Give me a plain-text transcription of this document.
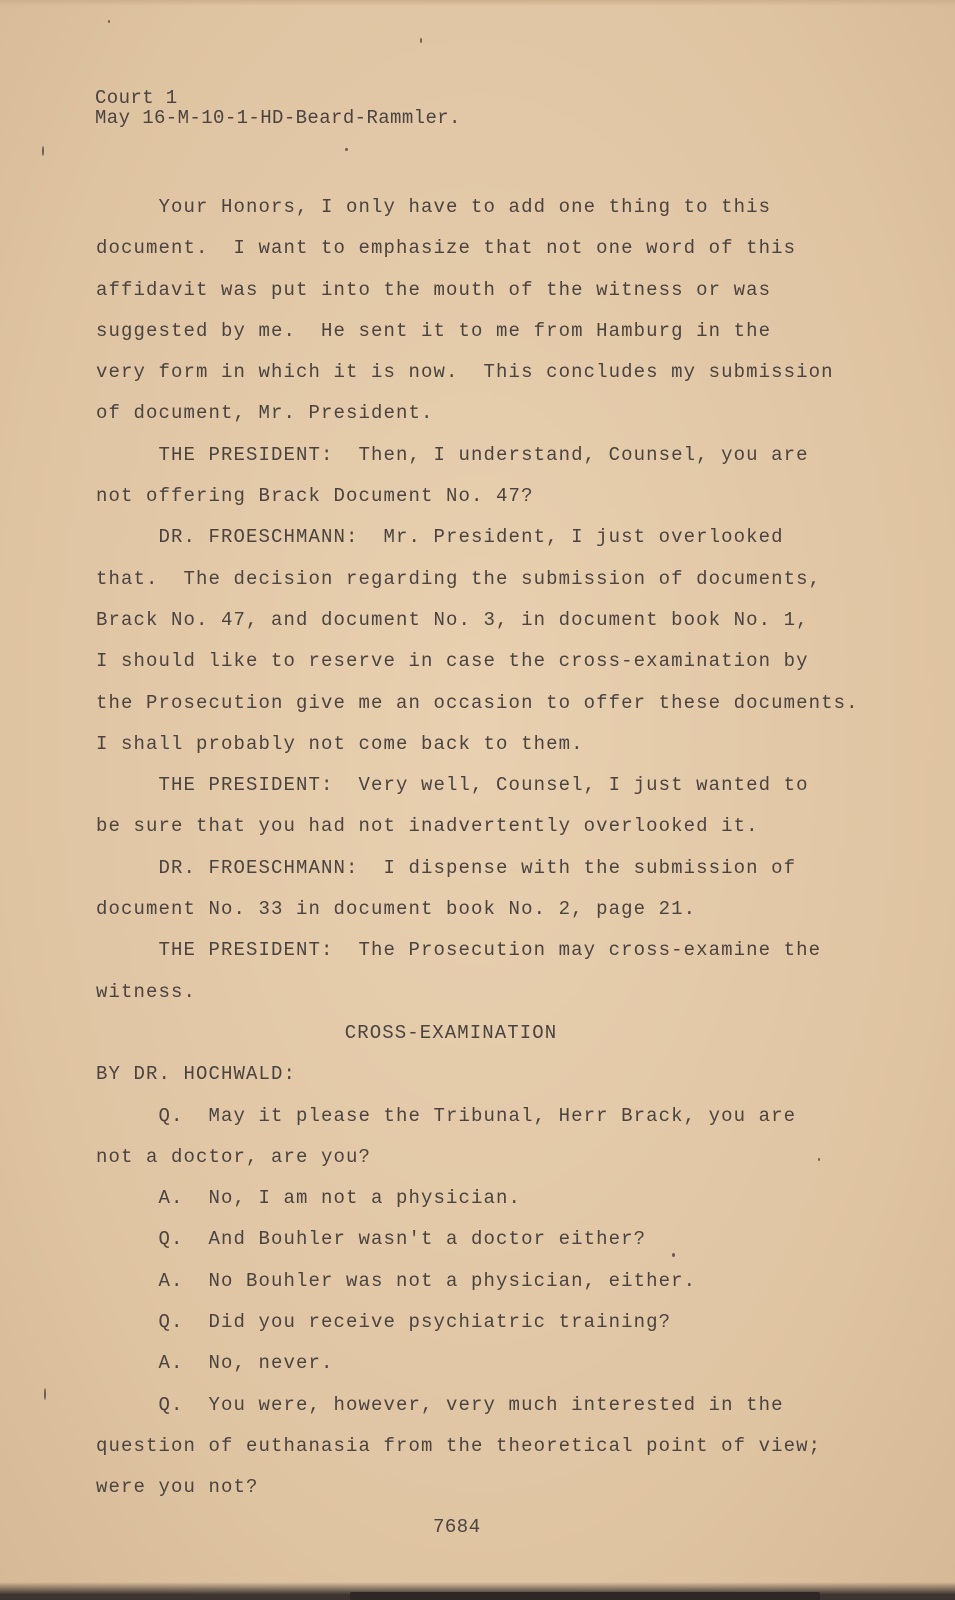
Court 1
May 16-M-10-1-HD-Beard-Rammler.
Your Honors, I only have to add one thing to this
document.  I want to emphasize that not one word of this
affidavit was put into the mouth of the witness or was
suggested by me.  He sent it to me from Hamburg in the
very form in which it is now.  This concludes my submission
of document, Mr. President.
THE PRESIDENT:  Then, I understand, Counsel, you are
not offering Brack Document No. 47?
DR. FROESCHMANN:  Mr. President, I just overlooked
that.  The decision regarding the submission of documents,
Brack No. 47, and document No. 3, in document book No. 1,
I should like to reserve in case the cross-examination by
the Prosecution give me an occasion to offer these documents.
I shall probably not come back to them.
THE PRESIDENT:  Very well, Counsel, I just wanted to
be sure that you had not inadvertently overlooked it.
DR. FROESCHMANN:  I dispense with the submission of
document No. 33 in document book No. 2, page 21.
THE PRESIDENT:  The Prosecution may cross-examine the
witness.
CROSS-EXAMINATION
BY DR. HOCHWALD:
Q.  May it please the Tribunal, Herr Brack, you are
not a doctor, are you?
A.  No, I am not a physician.
Q.  And Bouhler wasn't a doctor either?
A.  No Bouhler was not a physician, either.
Q.  Did you receive psychiatric training?
A.  No, never.
Q.  You were, however, very much interested in the
question of euthanasia from the theoretical point of view;
were you not?
7684
